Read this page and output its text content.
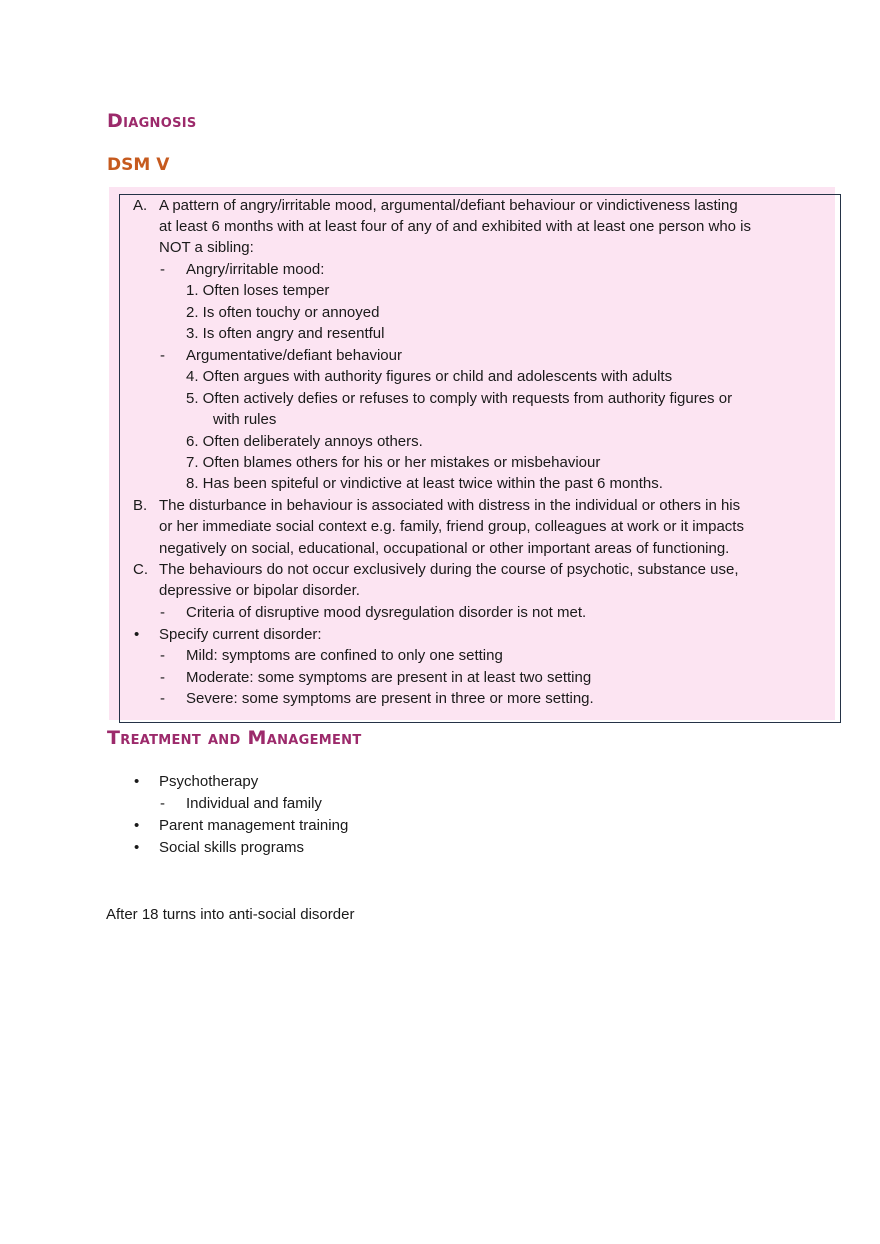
Diagnosis
DSM V
A. A pattern of angry/irritable mood, argumental/defiant behaviour or vindictiveness lasting
at least 6 months with at least four of any of and exhibited with at least one person who is
NOT a sibling:
- Angry/irritable mood:
1. Often loses temper
2. Is often touchy or annoyed
3. Is often angry and resentful
- Argumentative/defiant behaviour
4. Often argues with authority figures or child and adolescents with adults
5. Often actively defies or refuses to comply with requests from authority figures or
with rules
6. Often deliberately annoys others.
7. Often blames others for his or her mistakes or misbehaviour
8. Has been spiteful or vindictive at least twice within the past 6 months.
B. The disturbance in behaviour is associated with distress in the individual or others in his
or her immediate social context e.g. family, friend group, colleagues at work or it impacts
negatively on social, educational, occupational or other important areas of functioning.
C. The behaviours do not occur exclusively during the course of psychotic, substance use,
depressive or bipolar disorder.
- Criteria of disruptive mood dysregulation disorder is not met.
• Specify current disorder:
- Mild: symptoms are confined to only one setting
- Moderate: some symptoms are present in at least two setting
- Severe: some symptoms are present in three or more setting.
Treatment and Management
• Psychotherapy
- Individual and family
• Parent management training
• Social skills programs
After 18 turns into anti-social disorder
